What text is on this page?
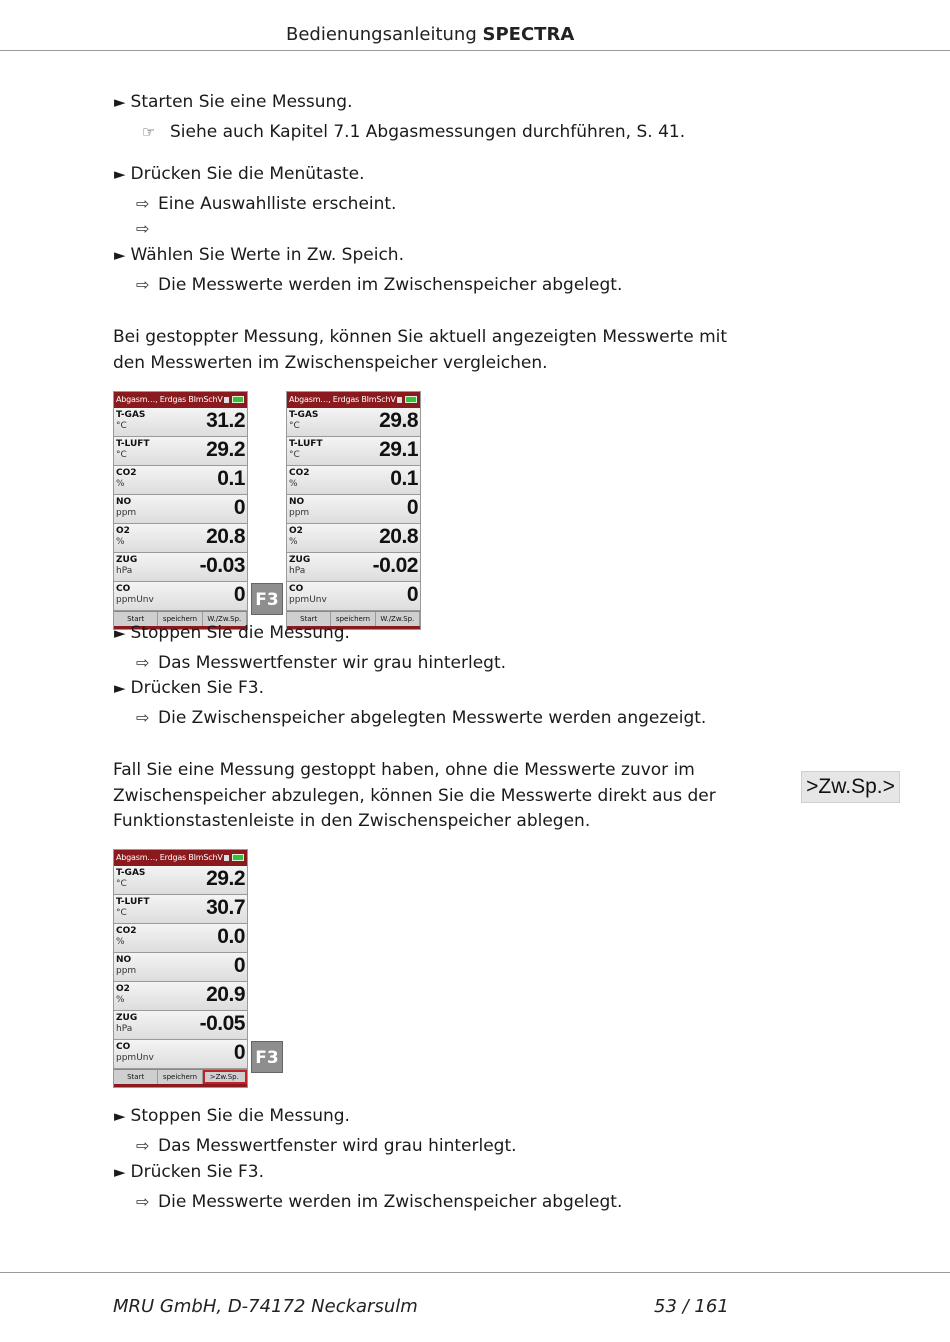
Bedienungsanleitung SPECTRA
► Starten Sie eine Messung.
☞ Siehe auch Kapitel 7.1 Abgasmessungen durchführen, S. 41.
► Drücken Sie die Menütaste.
⇨ Eine Auswahlliste erscheint.
⇨
► Wählen Sie Werte in Zw. Speich.
⇨ Die Messwerte werden im Zwischenspeicher abgelegt.
Bei gestoppter Messung, können Sie aktuell angezeigten Messwerte mit den Messwerten im Zwischenspeicher vergleichen.
Abgasm…, Erdgas BImSchV
T-GAS
°C	31.2
T-LUFT
°C	29.2
CO2
%	0.1
NO
ppm	0
O2
%	20.8
ZUG
hPa	-0.03
CO
ppmUnv	0
Start	speichern	W./Zw.Sp.
F3
Abgasm…, Erdgas BImSchV
T-GAS
°C	29.8
T-LUFT
°C	29.1
CO2
%	0.1
NO
ppm	0
O2
%	20.8
ZUG
hPa	-0.02
CO
ppmUnv	0
Start	speichern	W./Zw.Sp.
► Stoppen Sie die Messung.
⇨ Das Messwertfenster wir grau hinterlegt.
► Drücken Sie F3.
⇨ Die Zwischenspeicher abgelegten Messwerte werden angezeigt.
Fall Sie eine Messung gestoppt haben, ohne die Messwerte zuvor im Zwischenspeicher abzulegen, können Sie die Messwerte direkt aus der Funktionstastenleiste in den Zwischenspeicher ablegen.
>Zw.Sp.>
Abgasm…, Erdgas BImSchV
T-GAS
°C	29.2
T-LUFT
°C	30.7
CO2
%	0.0
NO
ppm	0
O2
%	20.9
ZUG
hPa	-0.05
CO
ppmUnv	0
Start	speichern	>Zw.Sp.
F3
► Stoppen Sie die Messung.
⇨ Das Messwertfenster wird grau hinterlegt.
► Drücken Sie F3.
⇨ Die Messwerte werden im Zwischenspeicher abgelegt.
MRU GmbH, D-74172 Neckarsulm	53 / 161
